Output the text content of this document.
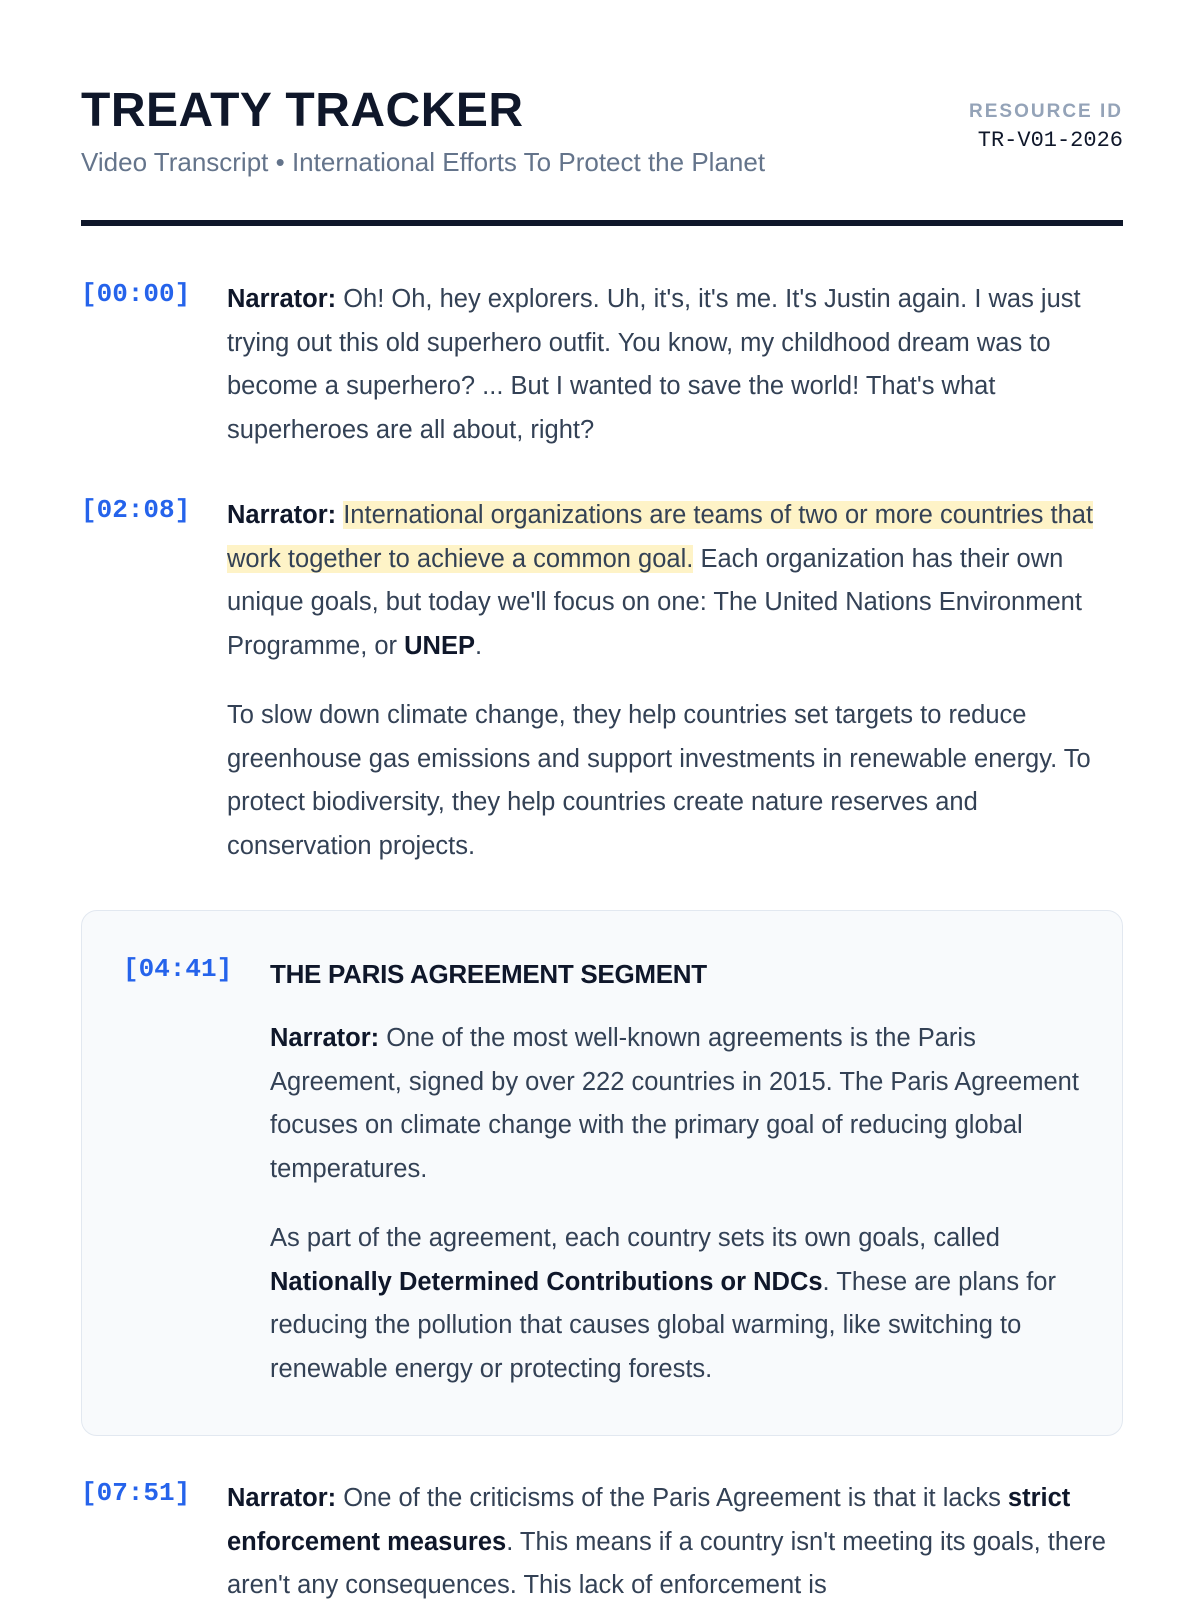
TREATY TRACKER
Video Transcript • International Efforts To Protect the Planet
RESOURCE ID
TR-V01-2026
[00:00] Narrator: Oh! Oh, hey explorers. Uh, it's, it's me. It's Justin again. I was just trying out this old superhero outfit. You know, my childhood dream was to become a superhero? ... But I wanted to save the world! That's what superheroes are all about, right?

[02:08] Narrator: International organizations are teams of two or more countries that work together to achieve a common goal. Each organization has their own unique goals, but today we'll focus on one: The United Nations Environment Programme, or UNEP.

To slow down climate change, they help countries set targets to reduce greenhouse gas emissions and support investments in renewable energy. To protect biodiversity, they help countries create nature reserves and conservation projects.

[04:41] THE PARIS AGREEMENT SEGMENT

Narrator: One of the most well-known agreements is the Paris Agreement, signed by over 222 countries in 2015. The Paris Agreement focuses on climate change with the primary goal of reducing global temperatures.

As part of the agreement, each country sets its own goals, called Nationally Determined Contributions or NDCs. These are plans for reducing the pollution that causes global warming, like switching to renewable energy or protecting forests.

[07:51] Narrator: One of the criticisms of the Paris Agreement is that it lacks strict enforcement measures. This means if a country isn't meeting its goals, there aren't any consequences. This lack of enforcement is
